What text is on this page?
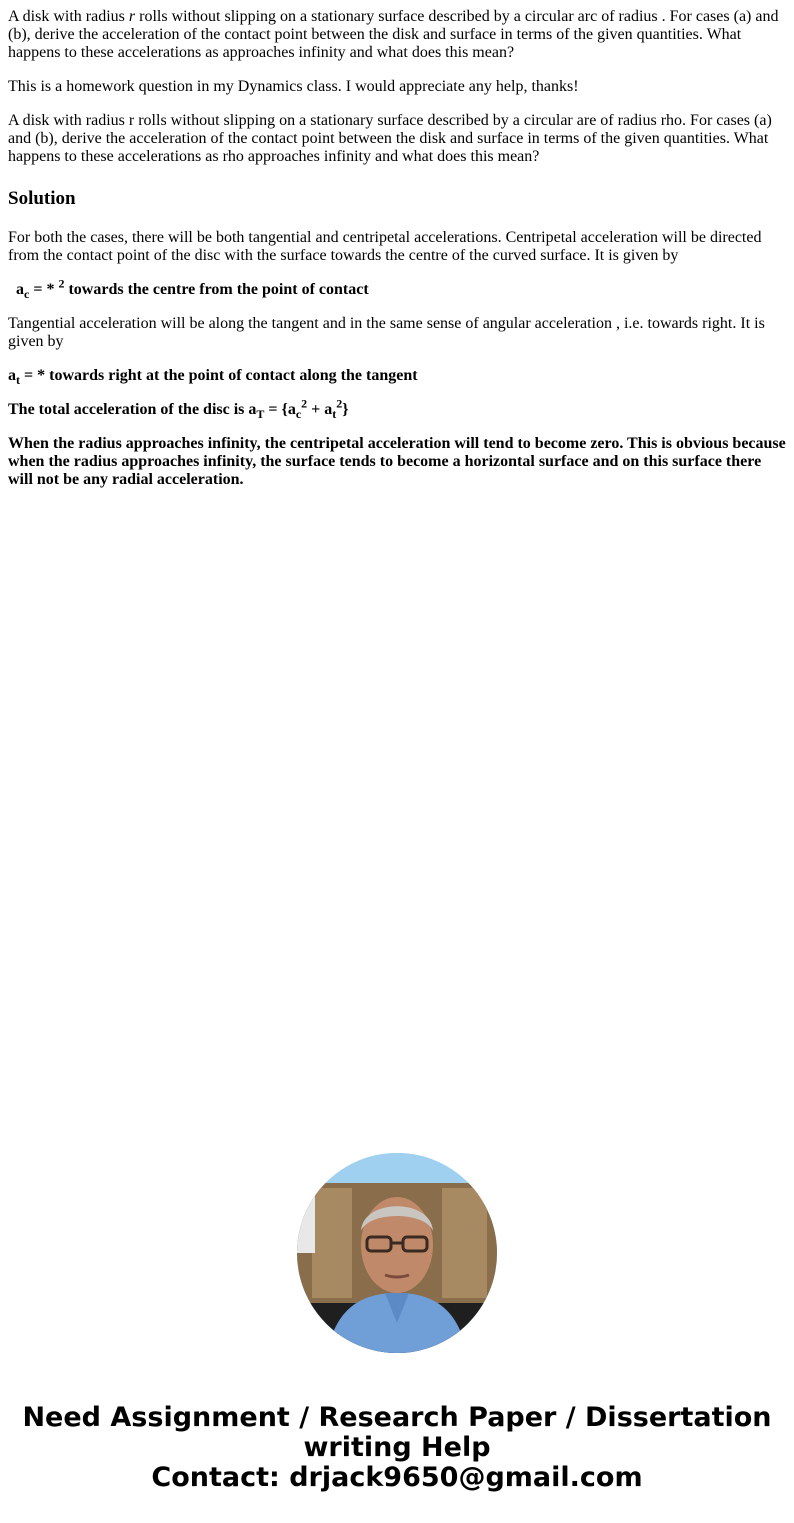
A disk with radius r rolls without slipping on a stationary surface described by a circular arc of radius . For cases (a) and (b), derive the acceleration of the contact point between the disk and surface in terms of the given quantities. What happens to these accelerations as approaches infinity and what does this mean?

This is a homework question in my Dynamics class. I would appreciate any help, thanks!

A disk with radius r rolls without slipping on a stationary surface described by a circular are of radius rho. For cases (a) and (b), derive the acceleration of the contact point between the disk and surface in terms of the given quantities. What happens to these accelerations as rho approaches infinity and what does this mean?

Solution

For both the cases, there will be both tangential and centripetal accelerations. Centripetal acceleration will be directed from the contact point of the disc with the surface towards the centre of the curved surface. It is given by

$a_c$ = * $^2$ towards the centre from the point of contact

Tangential acceleration will be along the tangent and in the same sense of angular acceleration , i.e. towards right. It is given by

$a_t$ = * towards right at the point of contact along the tangent

The total acceleration of the disc is $a_T = \{a_c^2 + a_t^2\}$

When the radius approaches infinity, the centripetal acceleration will tend to become zero. This is obvious because when the radius approaches infinity, the surface tends to become a horizontal surface and on this surface there will not be any radial acceleration.

Need Assignment / Research Paper / Dissertation
writing Help
Contact: drjack9650@gmail.com
